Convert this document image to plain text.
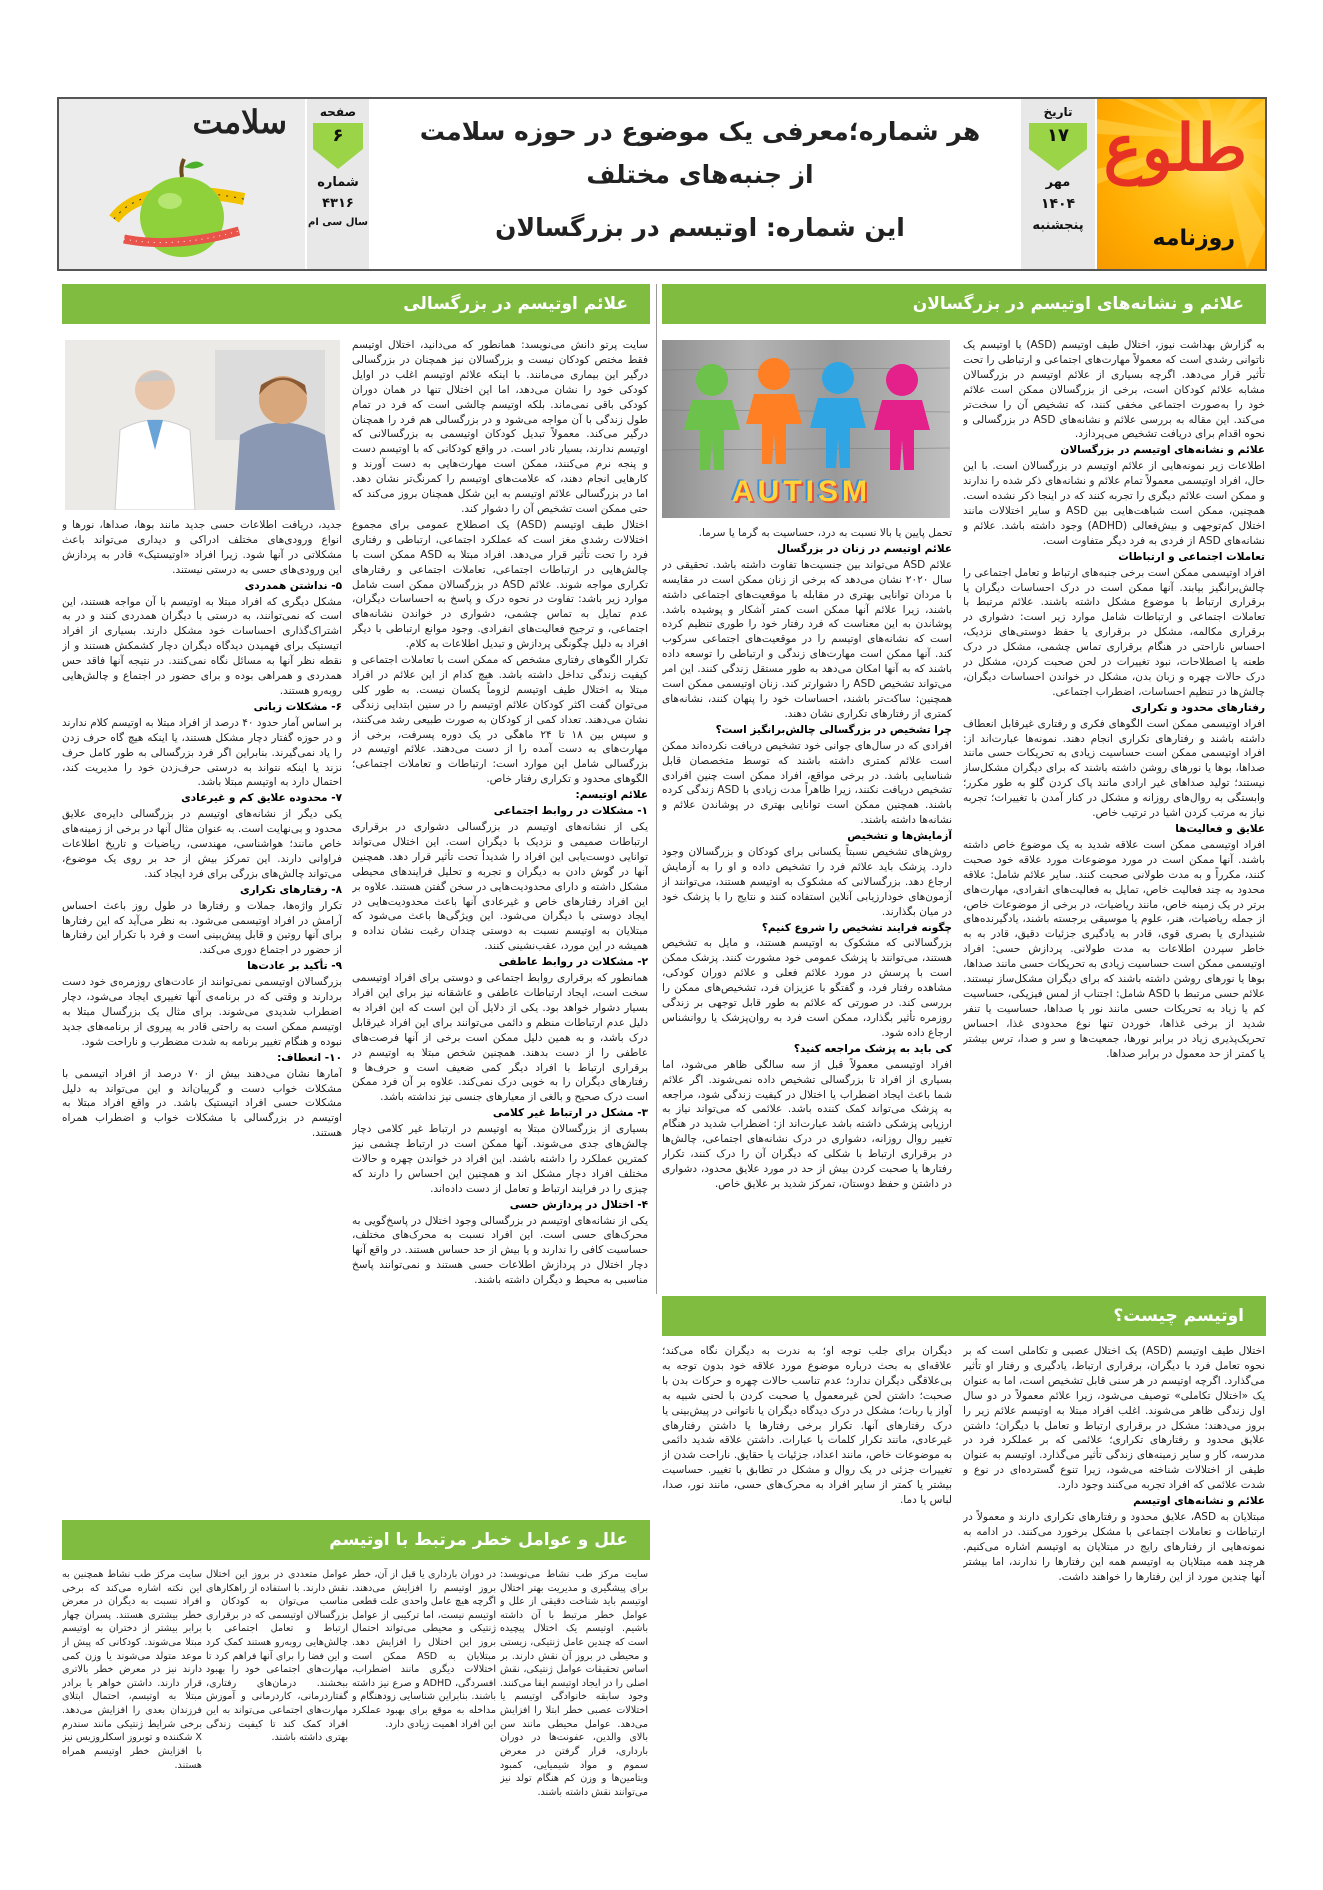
طلوع
روزنامه
تاریخ
۱۷
مهر
۱۴۰۴
پنجشنبه
هر شماره؛معرفی یک موضوع در حوزه سلامت
از جنبه‌های مختلف
این شماره: اوتیسم در بزرگسالان
صفحه
۶
شماره
۴۳۱۶
سال سی ام
سلامت
علائم و نشانه‌های اوتیسم در بزرگسالان
علائم اوتیسم در بزرگسالی
AUTISM

به گزارش بهداشت نیوز، اختلال طیف اوتیسم (ASD) یا اوتیسم یک ناتوانی رشدی است که معمولاً مهارت‌های اجتماعی و ارتباطی را تحت تأثیر قرار می‌دهد. اگرچه بسیاری از علائم اوتیسم در بزرگسالان مشابه علائم کودکان است، برخی از بزرگسالان ممکن است علائم خود را به‌صورت اجتماعی مخفی کنند، که تشخیص آن را سخت‌تر می‌کند. این مقاله به بررسی علائم و نشانه‌های ASD در بزرگسالی و نحوه اقدام برای دریافت تشخیص می‌پردازد.

علائم و نشانه‌های اوتیسم در بزرگسالان

اطلاعات زیر نمونه‌هایی از علائم اوتیسم در بزرگسالان است. با این حال، افراد اوتیسمی معمولاً تمام علائم و نشانه‌های ذکر شده را ندارند و ممکن است علائم دیگری را تجربه کنند که در اینجا ذکر نشده است. همچنین، ممکن است شباهت‌هایی بین ASD و سایر اختلالات مانند اختلال کم‌توجهی و بیش‌فعالی (ADHD) وجود داشته باشد. علائم و نشانه‌های ASD از فردی به فرد دیگر متفاوت است.

تعاملات اجتماعی و ارتباطات

افراد اوتیسمی ممکن است برخی جنبه‌های ارتباط و تعامل اجتماعی را چالش‌برانگیز بیابند. آنها ممکن است در درک احساسات دیگران یا برقراری ارتباط با موضوع مشکل داشته باشند. علائم مرتبط با تعاملات اجتماعی و ارتباطات شامل موارد زیر است: دشواری در برقراری مکالمه، مشکل در برقراری یا حفظ دوستی‌های نزدیک، احساس ناراحتی در هنگام برقراری تماس چشمی، مشکل در درک طعنه یا اصطلاحات، نبود تغییرات در لحن صحبت کردن، مشکل در درک حالات چهره و زبان بدن، مشکل در خواندن احساسات دیگران، چالش‌ها در تنظیم احساسات، اضطراب اجتماعی.

رفتارهای محدود و تکراری

افراد اوتیسمی ممکن است الگوهای فکری و رفتاری غیرقابل انعطاف داشته باشند و رفتارهای تکراری انجام دهند. نمونه‌ها عبارت‌اند از: افراد اوتیسمی ممکن است حساسیت زیادی به تحریکات حسی مانند صداها، بوها یا نورهای روشن داشته باشند که برای دیگران مشکل‌ساز نیستند؛ تولید صداهای غیر ارادی مانند پاک کردن گلو به طور مکرر؛ وابستگی به روال‌های روزانه و مشکل در کنار آمدن با تغییرات؛ تجربه نیاز به مرتب کردن اشیا در ترتیب خاص.

علایق و فعالیت‌ها

افراد اوتیسمی ممکن است علاقه شدید به یک موضوع خاص داشته باشند. آنها ممکن است در مورد موضوعات مورد علاقه خود صحبت کنند، مکرراً و به مدت طولانی صحبت کنند. سایر علائم شامل: علاقه محدود به چند فعالیت خاص، تمایل به فعالیت‌های انفرادی، مهارت‌های برتر در یک زمینه خاص، مانند ریاضیات، در برخی از موضوعات خاص، از جمله ریاضیات، هنر، علوم یا موسیقی برجسته باشند، یادگیرنده‌های شنیداری یا بصری قوی، قادر به یادگیری جزئیات دقیق، قادر به به خاطر سپردن اطلاعات به مدت طولانی. پردازش حسی: افراد اوتیسمی ممکن است حساسیت زیادی به تحریکات حسی مانند صداها، بوها یا نورهای روشن داشته باشند که برای دیگران مشکل‌ساز نیستند. علائم حسی مرتبط با ASD شامل: اجتناب از لمس فیزیکی، حساسیت کم یا زیاد به تحریکات حسی مانند نور یا صداها، حساسیت یا تنفر شدید از برخی غذاها، خوردن تنها نوع محدودی غذا، احساس تحریک‌پذیری زیاد در برابر نورها، جمعیت‌ها و سر و صدا، ترس بیشتر یا کمتر از حد معمول در برابر صداها.

تحمل پایین یا بالا نسبت به درد، حساسیت به گرما یا سرما.

علائم اوتیسم در زنان در بزرگسال

علائم ASD می‌تواند بین جنسیت‌ها تفاوت داشته باشد. تحقیقی در سال ۲۰۲۰ نشان می‌دهد که برخی از زنان ممکن است در مقایسه با مردان توانایی بهتری در مقابله با موقعیت‌های اجتماعی داشته باشند، زیرا علائم آنها ممکن است کمتر آشکار و پوشیده باشد. پوشاندن به این معناست که فرد رفتار خود را طوری تنظیم کرده است که نشانه‌های اوتیسم را در موقعیت‌های اجتماعی سرکوب کند. آنها ممکن است مهارت‌های زندگی و ارتباطی را توسعه داده باشند که به آنها امکان می‌دهد به طور مستقل زندگی کنند. این امر می‌تواند تشخیص ASD را دشوارتر کند. زنان اوتیسمی ممکن است همچنین: ساکت‌تر باشند، احساسات خود را پنهان کنند، نشانه‌های کمتری از رفتارهای تکراری نشان دهند.

چرا تشخیص در بزرگسالی چالش‌برانگیز است؟

افرادی که در سال‌های جوانی خود تشخیص دریافت نکرده‌اند ممکن است علائم کمتری داشته باشند که توسط متخصصان قابل شناسایی باشد. در برخی مواقع، افراد ممکن است چنین افرادی تشخیص دریافت نکنند، زیرا ظاهراً مدت زیادی با ASD زندگی کرده باشند. همچنین ممکن است توانایی بهتری در پوشاندن علائم و نشانه‌ها داشته باشند.

آزمایش‌ها و تشخیص

روش‌های تشخیص نسبتاً یکسانی برای کودکان و بزرگسالان وجود دارد. پزشک باید علائم فرد را تشخیص داده و او را به آزمایش ارجاع دهد. بزرگسالانی که مشکوک به اوتیسم هستند، می‌توانند از آزمون‌های خودارزیابی آنلاین استفاده کنند و نتایج را با پزشک خود در میان بگذارند.

چگونه فرایند تشخیص را شروع کنیم؟

بزرگسالانی که مشکوک به اوتیسم هستند، و مایل به تشخیص هستند، می‌توانند با پزشک عمومی خود مشورت کنند. پزشک ممکن است با پرسش در مورد علائم فعلی و علائم دوران کودکی، مشاهده رفتار فرد، و گفتگو با عزیزان فرد، تشخیص‌های ممکن را بررسی کند. در صورتی که علائم به طور قابل توجهی بر زندگی روزمره تأثیر بگذارد، ممکن است فرد به روان‌پزشک یا روانشناس ارجاع داده شود.

کی باید به پزشک مراجعه کنید؟

افراد اوتیسمی معمولاً قبل از سه سالگی ظاهر می‌شود، اما بسیاری از افراد تا بزرگسالی تشخیص داده نمی‌شوند. اگر علائم شما باعث ایجاد اضطراب یا اختلال در کیفیت زندگی شود، مراجعه به پزشک می‌تواند کمک کننده باشد. علائمی که می‌تواند نیاز به ارزیابی پزشکی داشته باشد عبارت‌اند از: اضطراب شدید در هنگام تغییر روال روزانه، دشواری در درک نشانه‌های اجتماعی، چالش‌ها در برقراری ارتباط با شکلی که دیگران آن را درک کنند، تکرار رفتارها یا صحبت کردن بیش از حد در مورد علایق محدود، دشواری در داشتن و حفظ دوستان، تمرکز شدید بر علایق خاص.

سایت پرتو دانش می‌نویسد: همانطور که می‌دانید، اختلال اوتیسم فقط مختص کودکان نیست و بزرگسالان نیز همچنان در بزرگسالی درگیر این بیماری می‌مانند. با اینکه علائم اوتیسم اغلب در اوایل کودکی خود را نشان می‌دهد، اما این اختلال تنها در همان دوران کودکی باقی نمی‌ماند. بلکه اوتیسم چالشی است که فرد در تمام طول زندگی با آن مواجه می‌شود و در بزرگسالی هم فرد را همچنان درگیر می‌کند. معمولاً تبدیل کودکان اوتیسمی به بزرگسالانی که اوتیسم ندارند، بسیار نادر است. در واقع کودکانی که با اوتیسم دست و پنجه نرم می‌کنند، ممکن است مهارت‌هایی به دست آورند و کارهایی انجام دهند، که علامت‌های اوتیسم را کمرنگ‌تر نشان دهد. اما در بزرگسالی علائم اوتیسم به این شکل همچنان بروز می‌کند که حتی ممکن است تشخیص آن را دشوار کند.

اختلال طیف اوتیسم (ASD) یک اصطلاح عمومی برای مجموع اختلالات رشدی مغز است که عملکرد اجتماعی، ارتباطی و رفتاری فرد را تحت تأثیر قرار می‌دهد. افراد مبتلا به ASD ممکن است با چالش‌هایی در ارتباطات اجتماعی، تعاملات اجتماعی و رفتارهای تکراری مواجه شوند. علائم ASD در بزرگسالان ممکن است شامل موارد زیر باشد: تفاوت در نحوه درک و پاسخ به احساسات دیگران، عدم تمایل به تماس چشمی، دشواری در خواندن نشانه‌های اجتماعی، و ترجیح فعالیت‌های انفرادی. وجود موانع ارتباطی با دیگر افراد به دلیل چگونگی پردازش و تبدیل اطلاعات به کلام.

تکرار الگوهای رفتاری مشخص که ممکن است با تعاملات اجتماعی و کیفیت زندگی تداخل داشته باشد. هیچ کدام از این علائم در افراد مبتلا به اختلال طیف اوتیسم لزوماً یکسان نیست. به طور کلی می‌توان گفت اکثر کودکان علائم اوتیسم را در سنین ابتدایی زندگی نشان می‌دهند. تعداد کمی از کودکان به صورت طبیعی رشد می‌کنند، و سپس بین ۱۸ تا ۲۴ ماهگی در یک دوره پسرفت، برخی از مهارت‌های به دست آمده را از دست می‌دهند. علائم اوتیسم در بزرگسالی شامل این موارد است: ارتباطات و تعاملات اجتماعی؛ الگوهای محدود و تکراری رفتار خاص.

علائم اوتیسم:

۱- مشکلات در روابط اجتماعی

یکی از نشانه‌های اوتیسم در بزرگسالی دشواری در برقراری ارتباطات صمیمی و نزدیک با دیگران است. این اختلال می‌تواند توانایی دوست‌یابی این افراد را شدیداً تحت تأثیر قرار دهد. همچنین آنها در گوش دادن به دیگران و تجربه و تحلیل فرایندهای محیطی مشکل داشته و دارای محدودیت‌هایی در سخن گفتن هستند. علاوه بر این افراد رفتارهای خاص و غیرعادی آنها باعث محدودیت‌هایی در ایجاد دوستی با دیگران می‌شود. این ویژگی‌ها باعث می‌شود که مبتلایان به اوتیسم نسبت به دوستی چندان رغبت نشان نداده و همیشه در این مورد، عقب‌نشینی کنند.

۲- مشکلات در روابط عاطفی

همانطور که برقراری روابط اجتماعی و دوستی برای افراد اوتیسمی سخت است، ایجاد ارتباطات عاطفی و عاشقانه نیز برای این افراد بسیار دشوار خواهد بود. یکی از دلایل آن این است که این افراد به دلیل عدم ارتباطات منظم و دائمی می‌توانند برای این افراد غیرقابل درک باشد، و به همین دلیل ممکن است برخی از آنها فرصت‌های عاطفی را از دست بدهند. همچنین شخص مبتلا به اوتیسم در برقراری ارتباط با افراد دیگر کمی ضعیف است و حرف‌ها و رفتارهای دیگران را به خوبی درک نمی‌کند. علاوه بر آن فرد ممکن است درک صحیح و بالغی از معیارهای جنسی نیز نداشته باشد.

۳- مشکل در ارتباط غیر کلامی

بسیاری از بزرگسالان مبتلا به اوتیسم در ارتباط غیر کلامی دچار چالش‌های جدی می‌شوند. آنها ممکن است در ارتباط چشمی نیز کمترین عملکرد را داشته باشند. این افراد در خواندن چهره و حالات مختلف افراد دچار مشکل اند و همچنین این احساس را دارند که چیزی را در فرایند ارتباط و تعامل از دست داده‌اند.

۴- اختلال در پردازش حسی

یکی از نشانه‌های اوتیسم در بزرگسالی وجود اختلال در پاسخ‌گویی به محرک‌های حسی است. این افراد نسبت به محرک‌های مختلف، حساسیت کافی را ندارند و یا بیش از حد حساس هستند. در واقع آنها دچار اختلال در پردازش اطلاعات حسی هستند و نمی‌توانند پاسخ مناسبی به محیط و دیگران داشته باشند.

جدید، دریافت اطلاعات حسی جدید مانند بوها، صداها، نورها و انواع ورودی‌های مختلف ادراکی و دیداری می‌تواند باعث مشکلاتی در آنها شود. زیرا افراد «اوتیستیک» قادر به پردازش این ورودی‌های حسی به درستی نیستند.

۵- نداشتن همدردی

مشکل دیگری که افراد مبتلا به اوتیسم با آن مواجه هستند، این است که نمی‌توانند، به درستی با دیگران همدردی کنند و در به اشتراک‌گذاری احساسات خود مشکل دارند. بسیاری از افراد اتیستیک برای فهمیدن دیدگاه دیگران دچار کشمکش هستند و از نقطه نظر آنها به مسائل نگاه نمی‌کنند. در نتیجه آنها فاقد حس همدردی و همراهی بوده و برای حضور در اجتماع و چالش‌هایی رو‌به‌رو هستند.

۶- مشکلات زبانی

بر اساس آمار حدود ۴۰ درصد از افراد مبتلا به اوتیسم کلام ندارند و در حوزه گفتار دچار مشکل هستند، یا اینکه هیچ گاه حرف زدن را یاد نمی‌گیرند. بنابراین اگر فرد بزرگسالی به طور کامل حرف نزند یا اینکه نتواند به درستی حرف‌زدن خود را مدیریت کند، احتمال دارد به اوتیسم مبتلا باشد.

۷- محدوده علایق کم و غیرعادی

یکی دیگر از نشانه‌های اوتیسم در بزرگسالی دایره‌ی علایق محدود و بی‌نهایت است. به عنوان مثال آنها در برخی از زمینه‌های خاص مانند؛ هواشناسی، مهندسی، ریاضیات و تاریخ اطلاعات فراوانی دارند. این تمرکز بیش از حد بر روی یک موضوع، می‌تواند چالش‌های بزرگی برای فرد ایجاد کند.

۸- رفتارهای تکراری

تکرار واژه‌ها، جملات و رفتارها در طول روز باعث احساس آرامش در افراد اوتیسمی می‌شود. به نظر می‌آید که این رفتارها برای آنها روتین و قابل پیش‌بینی است و فرد با تکرار این رفتارها از حضور در اجتماع دوری می‌کند.

۹- تأکید بر عادت‌ها

بزرگسالان اوتیسمی نمی‌توانند از عادت‌های روزمره‌ی خود دست بردارند و وقتی که در برنامه‌ی آنها تغییری ایجاد می‌شود، دچار اضطراب شدیدی می‌شوند. برای مثال یک بزرگسال مبتلا به اوتیسم ممکن است به راحتی قادر به پیروی از برنامه‌های جدید نبوده و هنگام تغییر برنامه به شدت مضطرب و ناراحت شود.

۱۰- انعطاف:

آمارها نشان می‌دهند بیش از ۷۰ درصد از افراد اتیسمی با مشکلات خواب دست و گریبان‌اند و این می‌تواند به دلیل مشکلات حسی افراد اتیستیک باشد. در واقع افراد مبتلا به اوتیسم در بزرگسالی با مشکلات خواب و اضطراب همراه هستند.

اوتیسم چیست؟

اختلال طیف اوتیسم (ASD) یک اختلال عصبی و تکاملی است که بر نحوه تعامل فرد با دیگران، برقراری ارتباط، یادگیری و رفتار او تأثیر می‌گذارد. اگرچه اوتیسم در هر سنی قابل تشخیص است، اما به عنوان یک «اختلال تکاملی» توصیف می‌شود، زیرا علائم معمولاً در دو سال اول زندگی ظاهر می‌شوند. اغلب افراد مبتلا به اوتیسم علائم زیر را بروز می‌دهند: مشکل در برقراری ارتباط و تعامل با دیگران؛ داشتن علایق محدود و رفتارهای تکراری؛ علائمی که بر عملکرد فرد در مدرسه، کار و سایر زمینه‌های زندگی تأثیر می‌گذارد. اوتیسم به عنوان طیفی از اختلالات شناخته می‌شود، زیرا تنوع گسترده‌ای در نوع و شدت علائمی که افراد تجربه می‌کنند وجود دارد.

علائم و نشانه‌های اوتیسم

مبتلایان به ASD، علایق محدود و رفتارهای تکراری دارند و معمولاً در ارتباطات و تعاملات اجتماعی با مشکل برخورد می‌کنند. در ادامه به نمونه‌هایی از رفتارهای رایج در مبتلایان به اوتیسم اشاره می‌کنیم. هرچند همه مبتلایان به اوتیسم همه این رفتارها را ندارند، اما بیشتر آنها چندین مورد از این رفتارها را خواهند داشت.

دیگران برای جلب توجه او؛ به ندرت به دیگران نگاه می‌کند؛ علاقه‌ای به بحث درباره موضوع مورد علاقه خود بدون توجه به بی‌علاقگی دیگران ندارد؛ عدم تناسب حالات چهره و حرکات بدن با صحبت؛ داشتن لحن غیرمعمول یا صحبت کردن با لحنی شبیه به آواز یا ربات؛ مشکل در درک دیدگاه دیگران یا ناتوانی در پیش‌بینی یا درک رفتارهای آنها. تکرار برخی رفتارها یا داشتن رفتارهای غیرعادی، مانند تکرار کلمات یا عبارات. داشتن علاقه شدید دائمی به موضوعات خاص، مانند اعداد، جزئیات یا حقایق. ناراحت شدن از تغییرات جزئی در یک روال و مشکل در تطابق با تغییر. حساسیت بیشتر یا کمتر از سایر افراد به محرک‌های حسی، مانند نور، صدا، لباس یا دما.

علل و عوامل خطر مرتبط با اوتیسم

سایت مرکز طب نشاط می‌نویسد: برای پیشگیری و مدیریت بهتر اختلال اوتیسم باید شناخت دقیقی از علل و عوامل خطر مرتبط با آن داشته باشیم. اوتیسم یک اختلال پیچیده است که چندین عامل ژنتیکی، زیستی و محیطی در بروز آن نقش دارند. بر اساس تحقیقات عوامل ژنتیکی، نقش اصلی را در ایجاد اوتیسم ایفا می‌کنند. وجود سابقه خانوادگی اوتیسم یا اختلالات عصبی خطر ابتلا را افزایش می‌دهد. عوامل محیطی مانند سن بالای والدین، عفونت‌ها در دوران بارداری، قرار گرفتن در معرض سموم و مواد شیمیایی، کمبود ویتامین‌ها و وزن کم هنگام تولد نیز می‌توانند نقش داشته باشند.

در دوران بارداری یا قبل از آن، خطر بروز اوتیسم را افزایش می‌دهند. اگرچه هیچ عامل واحدی علت قطعی اوتیسم نیست، اما ترکیبی از عوامل ژنتیکی و محیطی می‌تواند احتمال بروز این اختلال را افزایش دهد. مبتلایان به ASD ممکن است اختلالات دیگری مانند اضطراب، افسردگی، ADHD و صرع نیز داشته باشند. بنابراین شناسایی زودهنگام و مداخله به موقع برای بهبود عملکرد این افراد اهمیت زیادی دارد.

عوامل متعددی در بروز این اختلال نقش دارند. با استفاده از راهکارهای مناسب می‌توان به کودکان و بزرگسالان اوتیسمی که در برقراری ارتباط و تعامل اجتماعی با چالش‌هایی روبه‌رو هستند کمک کرد و این فضا را برای آنها فراهم کرد تا مهارت‌های اجتماعی خود را بهبود ببخشند. درمان‌های رفتاری، گفتاردرمانی، کاردرمانی و آموزش مهارت‌های اجتماعی می‌تواند به این افراد کمک کند تا کیفیت زندگی بهتری داشته باشند.

سایت مرکز طب نشاط همچنین به این نکته اشاره می‌کند که برخی افراد نسبت به دیگران در معرض خطر بیشتری هستند. پسران چهار برابر بیشتر از دختران به اوتیسم مبتلا می‌شوند. کودکانی که پیش از موعد متولد می‌شوند یا وزن کمی دارند نیز در معرض خطر بالاتری قرار دارند. داشتن خواهر یا برادر مبتلا به اوتیسم، احتمال ابتلای فرزندان بعدی را افزایش می‌دهد. برخی شرایط ژنتیکی مانند سندرم X شکننده و توبروز اسکلروزیس نیز با افزایش خطر اوتیسم همراه هستند.
